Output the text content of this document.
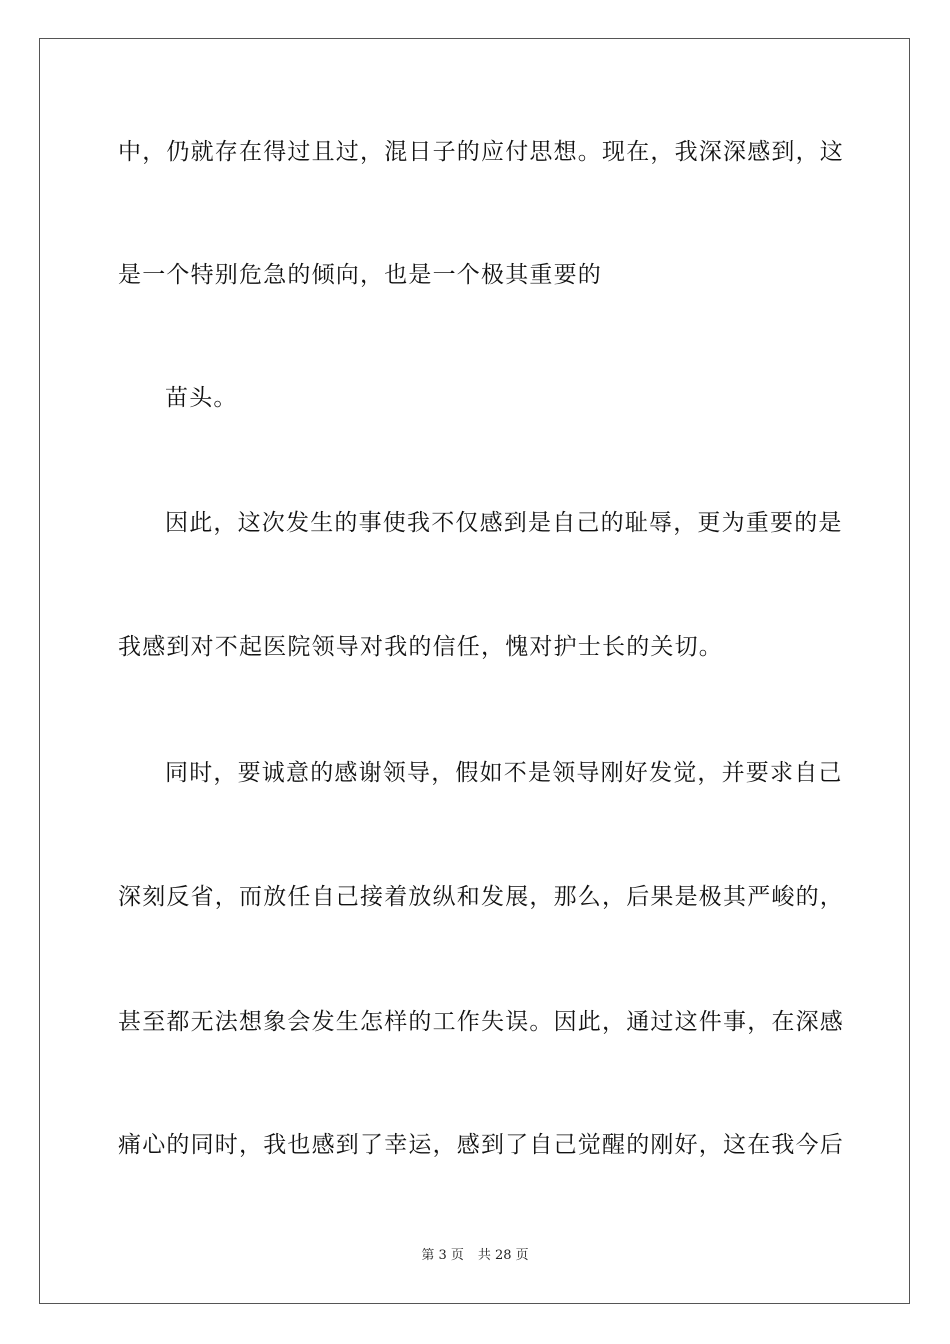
中，仍就存在得过且过，混日子的应付思想。现在，我深深感到，这
是一个特别危急的倾向，也是一个极其重要的
苗头。
因此，这次发生的事使我不仅感到是自己的耻辱，更为重要的是
我感到对不起医院领导对我的信任，愧对护士长的关切。
同时，要诚意的感谢领导，假如不是领导刚好发觉，并要求自己
深刻反省，而放任自己接着放纵和发展，那么，后果是极其严峻的，
甚至都无法想象会发生怎样的工作失误。因此，通过这件事，在深感
痛心的同时，我也感到了幸运，感到了自己觉醒的刚好，这在我今后
第 3 页 共 28 页
